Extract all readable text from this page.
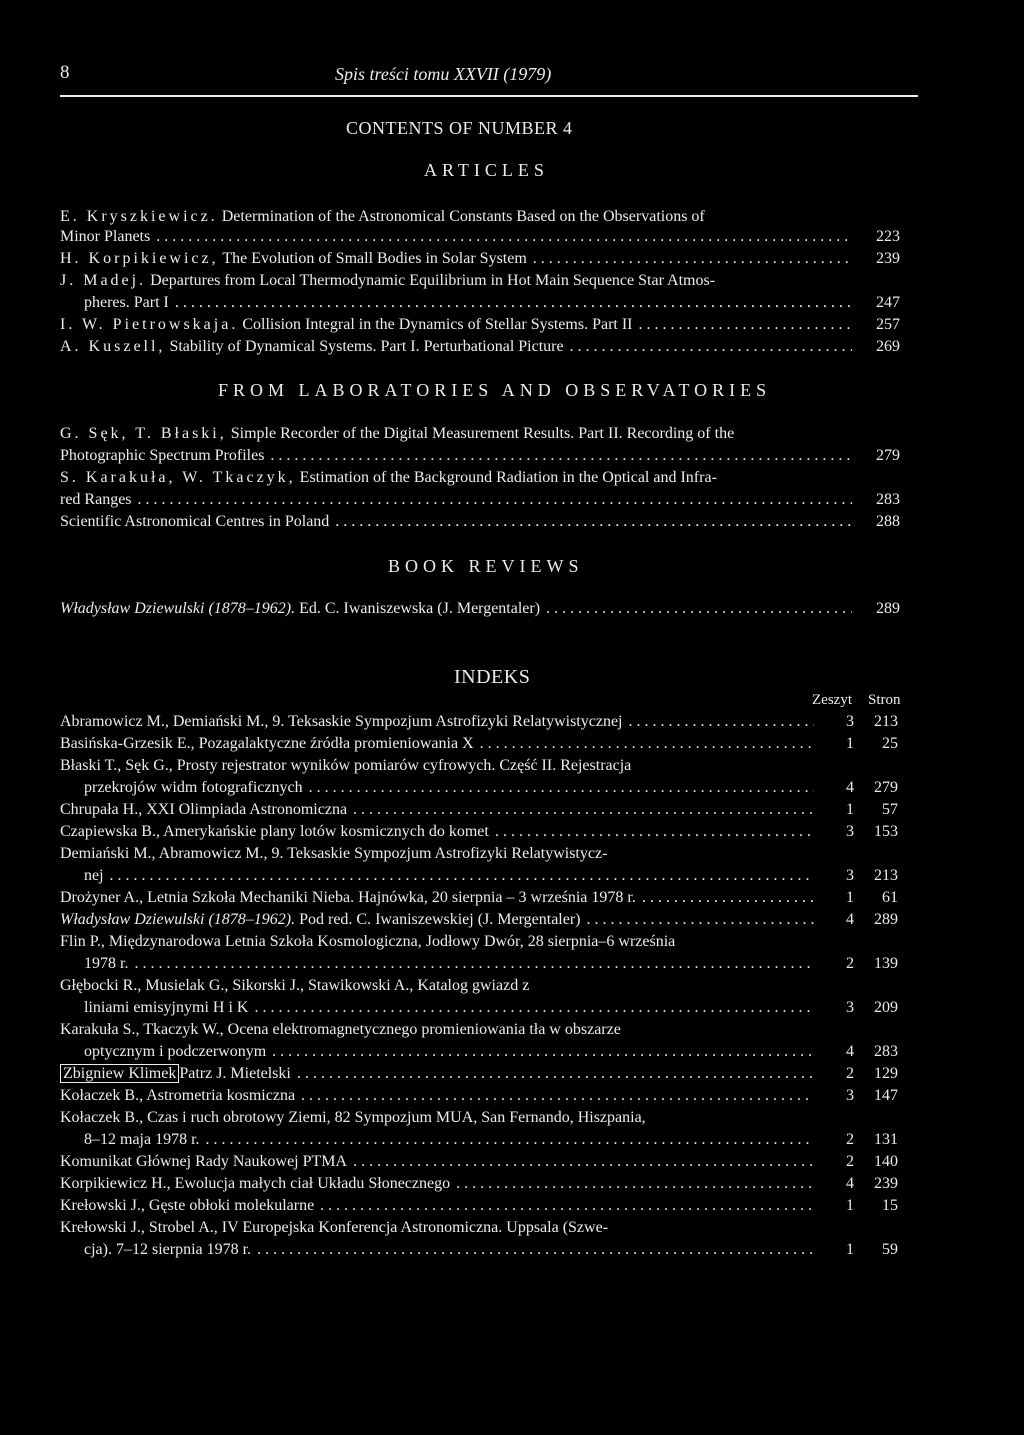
8	Spis treści tomu XXVII (1979)
CONTENTS OF NUMBER 4
ARTICLES
E. Kryszkiewicz. Determination of the Astronomical Constants Based on the Observations of
Minor Planets . . .	223
H. Korpikiewicz, The Evolution of Small Bodies in Solar System . . .	239
J. Madej. Departures from Local Thermodynamic Equilibrium in Hot Main Sequence Star Atmos-
pheres. Part I . . .	247
I. W. Pietrowskaja. Collision Integral in the Dynamics of Stellar Systems. Part II . . .	257
A. Kuszell, Stability of Dynamical Systems. Part I. Perturbational Picture . . .	269
FROM LABORATORIES AND OBSERVATORIES
G. Sęk, T. Błaski, Simple Recorder of the Digital Measurement Results. Part II. Recording of the
Photographic Spectrum Profiles . . .	279
S. Karakuła, W. Tkaczyk, Estimation of the Background Radiation in the Optical and Infra-
red Ranges . . .	283
Scientific Astronomical Centres in Poland . . .	288
BOOK REVIEWS
Władysław Dziewulski (1878–1962). Ed. C. Iwaniszewska (J. Mergentaler) . . .	289
INDEKS
Zeszyt Stron
Abramowicz M., Demiański M., 9. Teksaskie Sympozjum Astrofizyki Relatywistycznej . . .	3	213
Basińska-Grzesik E., Pozagalaktyczne źródła promieniowania X . . .	1	25
Błaski T., Sęk G., Prosty rejestrator wyników pomiarów cyfrowych. Część II. Rejestracja
przekrojów widm fotograficznych . . .	4	279
Chrupała H., XXI Olimpiada Astronomiczna . . .	1	57
Czapiewska B., Amerykańskie plany lotów kosmicznych do komet . . .	3	153
Demiański M., Abramowicz M., 9. Teksaskie Sympozjum Astrofizyki Relatywistycz-
nej . . .	3	213
Drożyner A., Letnia Szkoła Mechaniki Nieba. Hajnówka, 20 sierpnia – 3 września 1978 r. . . .	1	61
Władysław Dziewulski (1878–1962). Pod red. C. Iwaniszewskiej (J. Mergentaler) . . .	4	289
Flin P., Międzynarodowa Letnia Szkoła Kosmologiczna, Jodłowy Dwór, 28 sierpnia–6 września
1978 r. . . .	2	139
Głębocki R., Musielak G., Sikorski J., Stawikowski A., Katalog gwiazd z
liniami emisyjnymi H i K . . .	3	209
Karakuła S., Tkaczyk W., Ocena elektromagnetycznego promieniowania tła w obszarze
optycznym i podczerwonym . . .	4	283
Zbigniew Klimek Patrz J. Mietelski . . .	2	129
Kołaczek B., Astrometria kosmiczna . . .	3	147
Kołaczek B., Czas i ruch obrotowy Ziemi, 82 Sympozjum MUA, San Fernando, Hiszpania,
8–12 maja 1978 r. . . .	2	131
Komunikat Głównej Rady Naukowej PTMA . . .	2	140
Korpikiewicz H., Ewolucja małych ciał Układu Słonecznego . . .	4	239
Krełowski J., Gęste obłoki molekularne . . .	1	15
Krełowski J., Strobel A., IV Europejska Konferencja Astronomiczna. Uppsala (Szwe-
cja). 7–12 sierpnia 1978 r. . . .	1	59
